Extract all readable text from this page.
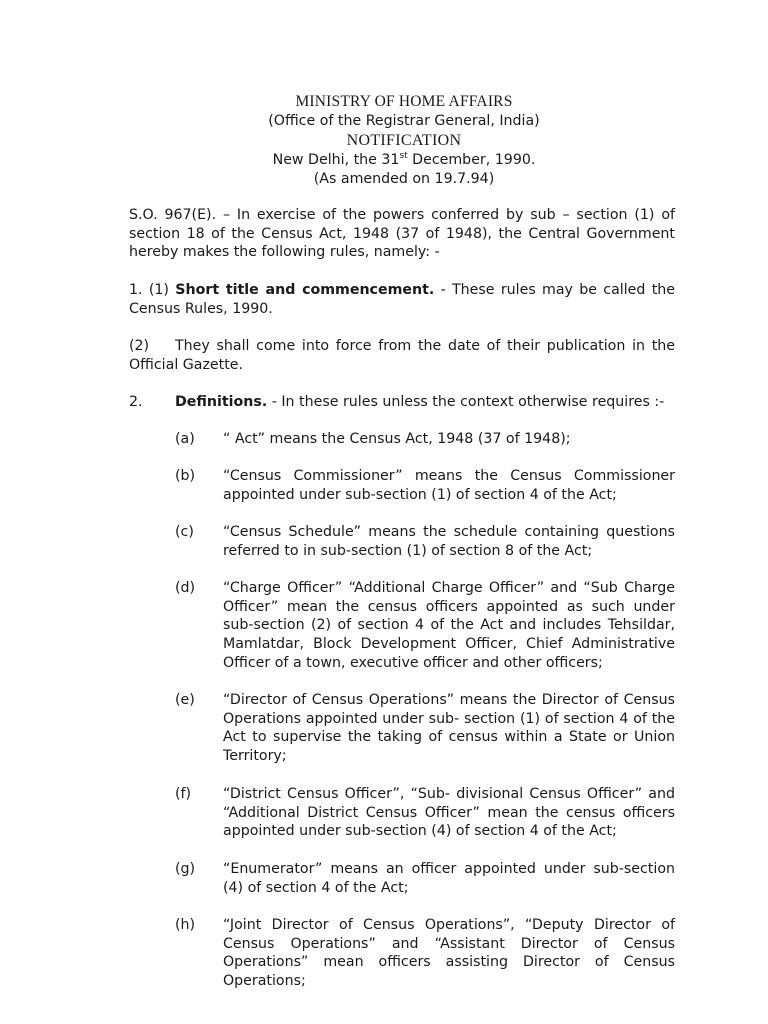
MINISTRY OF HOME AFFAIRS
(Office of the Registrar General, India)
NOTIFICATION
New Delhi, the 31st December, 1990.
(As amended on 19.7.94)
S.O. 967(E). – In exercise of the powers conferred by sub – section (1) of section 18 of the Census Act, 1948 (37 of 1948), the Central Government hereby makes the following rules, namely: -
1. (1) Short title and commencement. - These rules may be called the Census Rules, 1990.
(2) They shall come into force from the date of their publication in the Official Gazette.
2. Definitions. - In these rules unless the context otherwise requires :-
(a)	“ Act” means the Census Act, 1948 (37 of 1948);
(b)	“Census Commissioner” means the Census Commissioner appointed under sub-section (1) of section 4 of the Act;
(c)	“Census Schedule” means the schedule containing questions referred to in sub-section (1) of section 8 of the Act;
(d)	“Charge Officer” “Additional Charge Officer” and “Sub Charge Officer” mean the census officers appointed as such under sub-section (2) of section 4 of the Act and includes Tehsildar, Mamlatdar, Block Development Officer, Chief Administrative Officer of a town, executive officer and other officers;
(e)	“Director of Census Operations” means the Director of Census Operations appointed under sub- section (1) of section 4 of the Act to supervise the taking of census within a State or Union Territory;
(f)	“District Census Officer”, “Sub- divisional Census Officer” and “Additional District Census Officer” mean the census officers appointed under sub-section (4) of section 4 of the Act;
(g)	“Enumerator” means an officer appointed under sub-section (4) of section 4 of the Act;
(h)	“Joint Director of Census Operations”, “Deputy Director of Census Operations” and “Assistant Director of Census Operations” mean officers assisting Director of Census Operations;
